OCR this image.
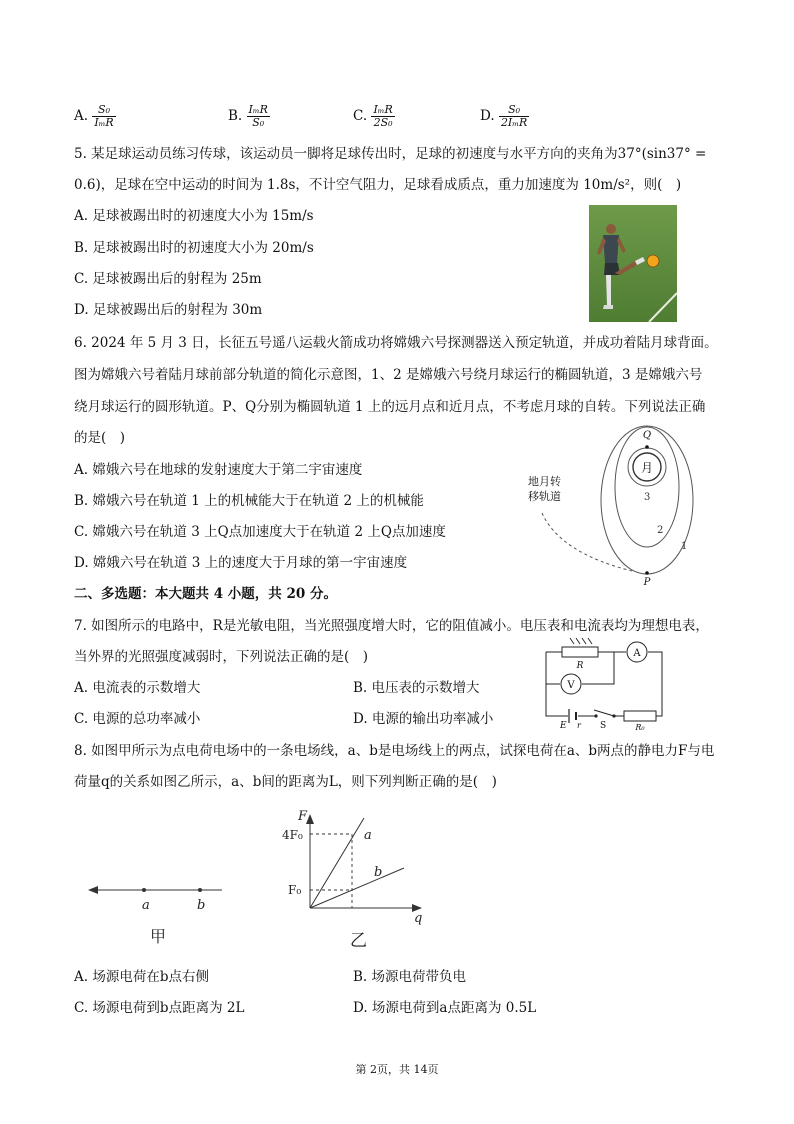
A. $\frac{\text{S₀}}{\text{IₘR}}$	B. $\frac{\text{IₘR}}{\text{S₀}}$	C. $\frac{\text{IₘR}}{\text{2S₀}}$	D. $\frac{\text{S₀}}{\text{2IₘR}}$
5. 某足球运动员练习传球，该运动员一脚将足球传出时，足球的初速度与水平方向的夹角为37°(sin37° =
0.6)，足球在空中运动的时间为 1.8s，不计空气阻力，足球看成质点，重力加速度为 10m/s²，则(　)
A. 足球被踢出时的初速度大小为 15m/s
B. 足球被踢出时的初速度大小为 20m/s
C. 足球被踢出后的射程为 25m
D. 足球被踢出后的射程为 30m
6. 2024 年 5 月 3 日，长征五号遥八运载火箭成功将嫦娥六号探测器送入预定轨道，并成功着陆月球背面。
图为嫦娥六号着陆月球前部分轨道的简化示意图，1、2 是嫦娥六号绕月球运行的椭圆轨道，3 是嫦娥六号
绕月球运行的圆形轨道。P、Q分别为椭圆轨道 1 上的远月点和近月点，不考虑月球的自转。下列说法正确
的是(　)
A. 嫦娥六号在地球的发射速度大于第二宇宙速度
B. 嫦娥六号在轨道 1 上的机械能大于在轨道 2 上的机械能
C. 嫦娥六号在轨道 3 上Q点加速度大于在轨道 2 上Q点加速度
D. 嫦娥六号在轨道 3 上的速度大于月球的第一宇宙速度
月
Q
P
3
2
1
地月转
移轨道
二、多选题：本大题共 4 小题，共 20 分。
7. 如图所示的电路中，R是光敏电阻，当光照强度增大时，它的阻值减小。电压表和电流表均为理想电表，
当外界的光照强度减弱时，下列说法正确的是(　)
A. 电流表的示数增大	B. 电压表的示数增大
C. 电源的总功率减小	D. 电源的输出功率减小
R
A
V
E r S	R₀
8. 如图甲所示为点电荷电场中的一条电场线，a、b是电场线上的两点，试探电荷在a、b两点的静电力F与电
荷量q的关系如图乙所示，a、b间的距离为L，则下列判断正确的是(　)
a	b
甲
F
q
a
b
4F₀
F₀
乙
A. 场源电荷在b点右侧	B. 场源电荷带负电
C. 场源电荷到b点距离为 2L	D. 场源电荷到a点距离为 0.5L
第 2页，共 14页
